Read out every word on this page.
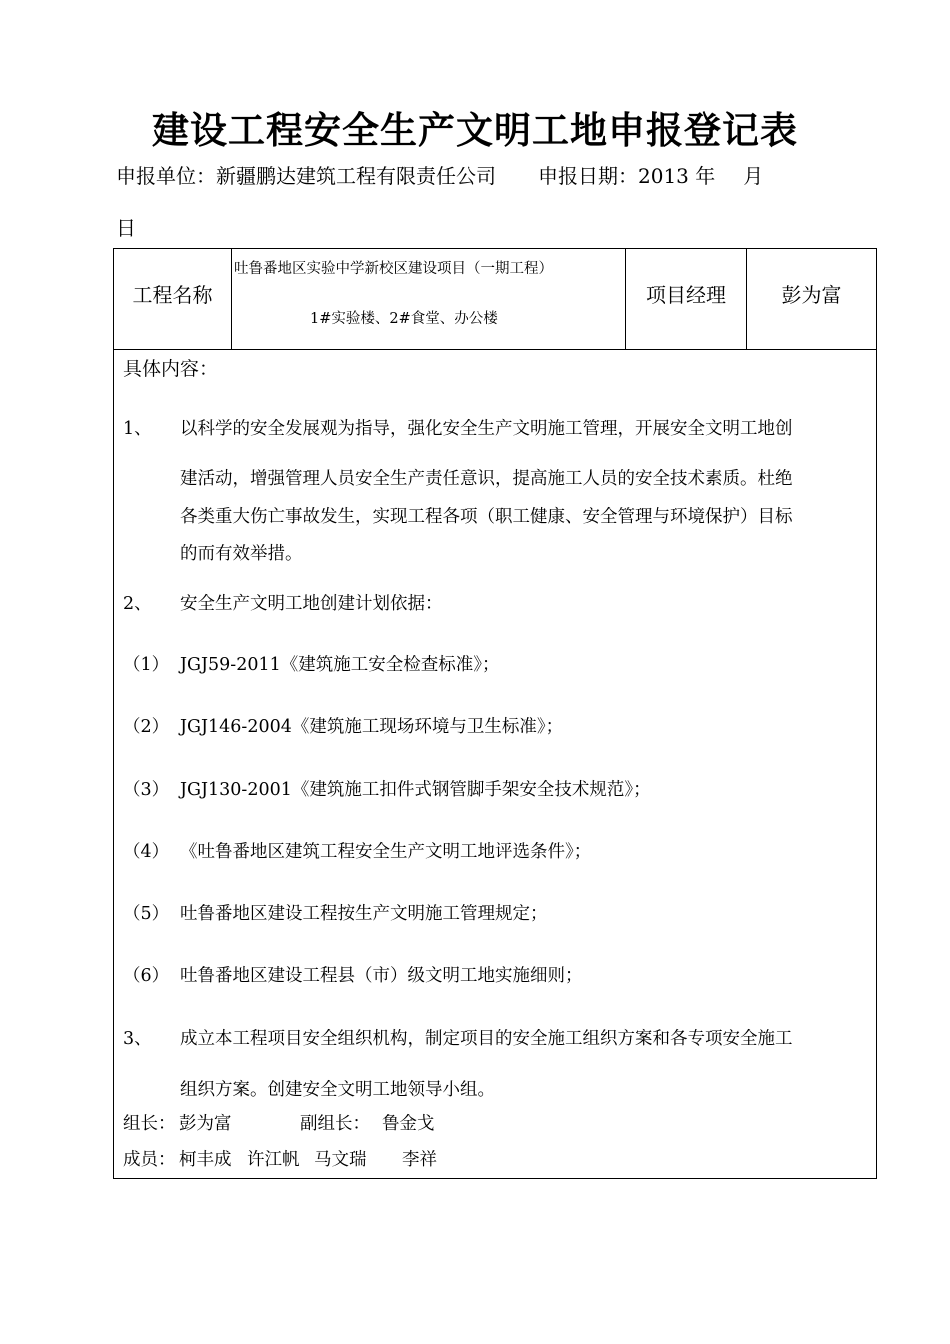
建设工程安全生产文明工地申报登记表
申报单位：新疆鹏达建筑工程有限责任公司 申报日期：2013 年 月
日
工程名称
吐鲁番地区实验中学新校区建设项目（一期工程）
1#实验楼、2#食堂、办公楼
项目经理	彭为富
具体内容：
1、 以科学的安全发展观为指导，强化安全生产文明施工管理，开展安全文明工地创
建活动，增强管理人员安全生产责任意识，提高施工人员的安全技术素质。杜绝
各类重大伤亡事故发生，实现工程各项（职工健康、安全管理与环境保护）目标
的而有效举措。
2、 安全生产文明工地创建计划依据：
（1） JGJ59-2011《建筑施工安全检查标准》；
（2） JGJ146-2004《建筑施工现场环境与卫生标准》；
（3） JGJ130-2001《建筑施工扣件式钢管脚手架安全技术规范》；
（4） 《吐鲁番地区建筑工程安全生产文明工地评选条件》；
（5） 吐鲁番地区建设工程按生产文明施工管理规定；
（6） 吐鲁番地区建设工程县（市）级文明工地实施细则；
3、 成立本工程项目安全组织机构，制定项目的安全施工组织方案和各专项安全施工
组织方案。创建安全文明工地领导小组。
组长： 彭为富	副组长： 鲁金戈
成员： 柯丰成 许江帆 马文瑞 李祥
